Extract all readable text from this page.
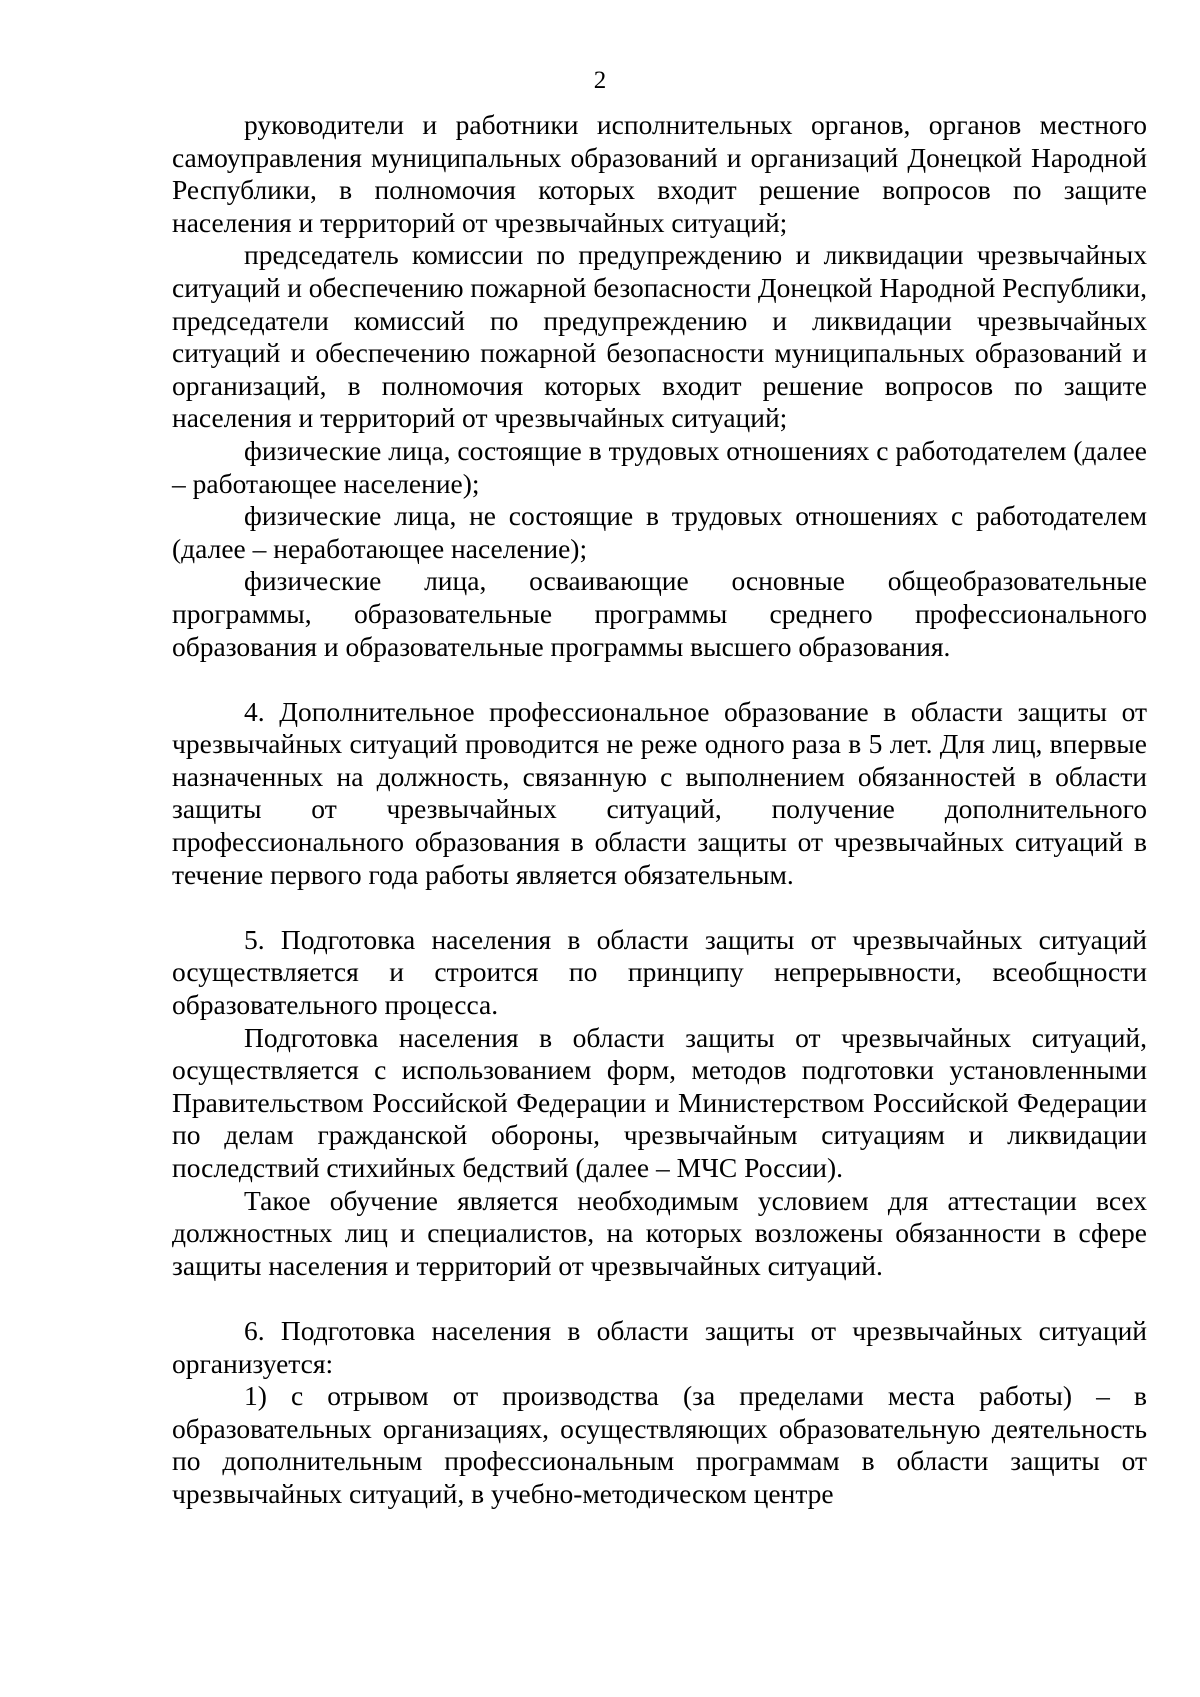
2

руководители и работники исполнительных органов, органов местного самоуправления муниципальных образований и организаций Донецкой Народной Республики, в полномочия которых входит решение вопросов по защите населения и территорий от чрезвычайных ситуаций;

председатель комиссии по предупреждению и ликвидации чрезвычайных ситуаций и обеспечению пожарной безопасности Донецкой Народной Республики, председатели комиссий по предупреждению и ликвидации чрезвычайных ситуаций и обеспечению пожарной безопасности муниципальных образований и организаций, в полномочия которых входит решение вопросов по защите населения и территорий от чрезвычайных ситуаций;

физические лица, состоящие в трудовых отношениях с работодателем (далее – работающее население);

физические лица, не состоящие в трудовых отношениях с работодателем (далее – неработающее население);

физические лица, осваивающие основные общеобразовательные программы, образовательные программы среднего профессионального образования и образовательные программы высшего образования.

4. Дополнительное профессиональное образование в области защиты от чрезвычайных ситуаций проводится не реже одного раза в 5 лет. Для лиц, впервые назначенных на должность, связанную с выполнением обязанностей в области защиты от чрезвычайных ситуаций, получение дополнительного профессионального образования в области защиты от чрезвычайных ситуаций в течение первого года работы является обязательным.

5. Подготовка населения в области защиты от чрезвычайных ситуаций осуществляется и строится по принципу непрерывности, всеобщности образовательного процесса.

Подготовка населения в области защиты от чрезвычайных ситуаций, осуществляется с использованием форм, методов подготовки установленными Правительством Российской Федерации и Министерством Российской Федерации по делам гражданской обороны, чрезвычайным ситуациям и ликвидации последствий стихийных бедствий (далее – МЧС России).

Такое обучение является необходимым условием для аттестации всех должностных лиц и специалистов, на которых возложены обязанности в сфере защиты населения и территорий от чрезвычайных ситуаций.

6. Подготовка населения в области защиты от чрезвычайных ситуаций организуется:

1) с отрывом от производства (за пределами места работы) – в образовательных организациях, осуществляющих образовательную деятельность по дополнительным профессиональным программам в области защиты от чрезвычайных ситуаций, в учебно-методическом центре
